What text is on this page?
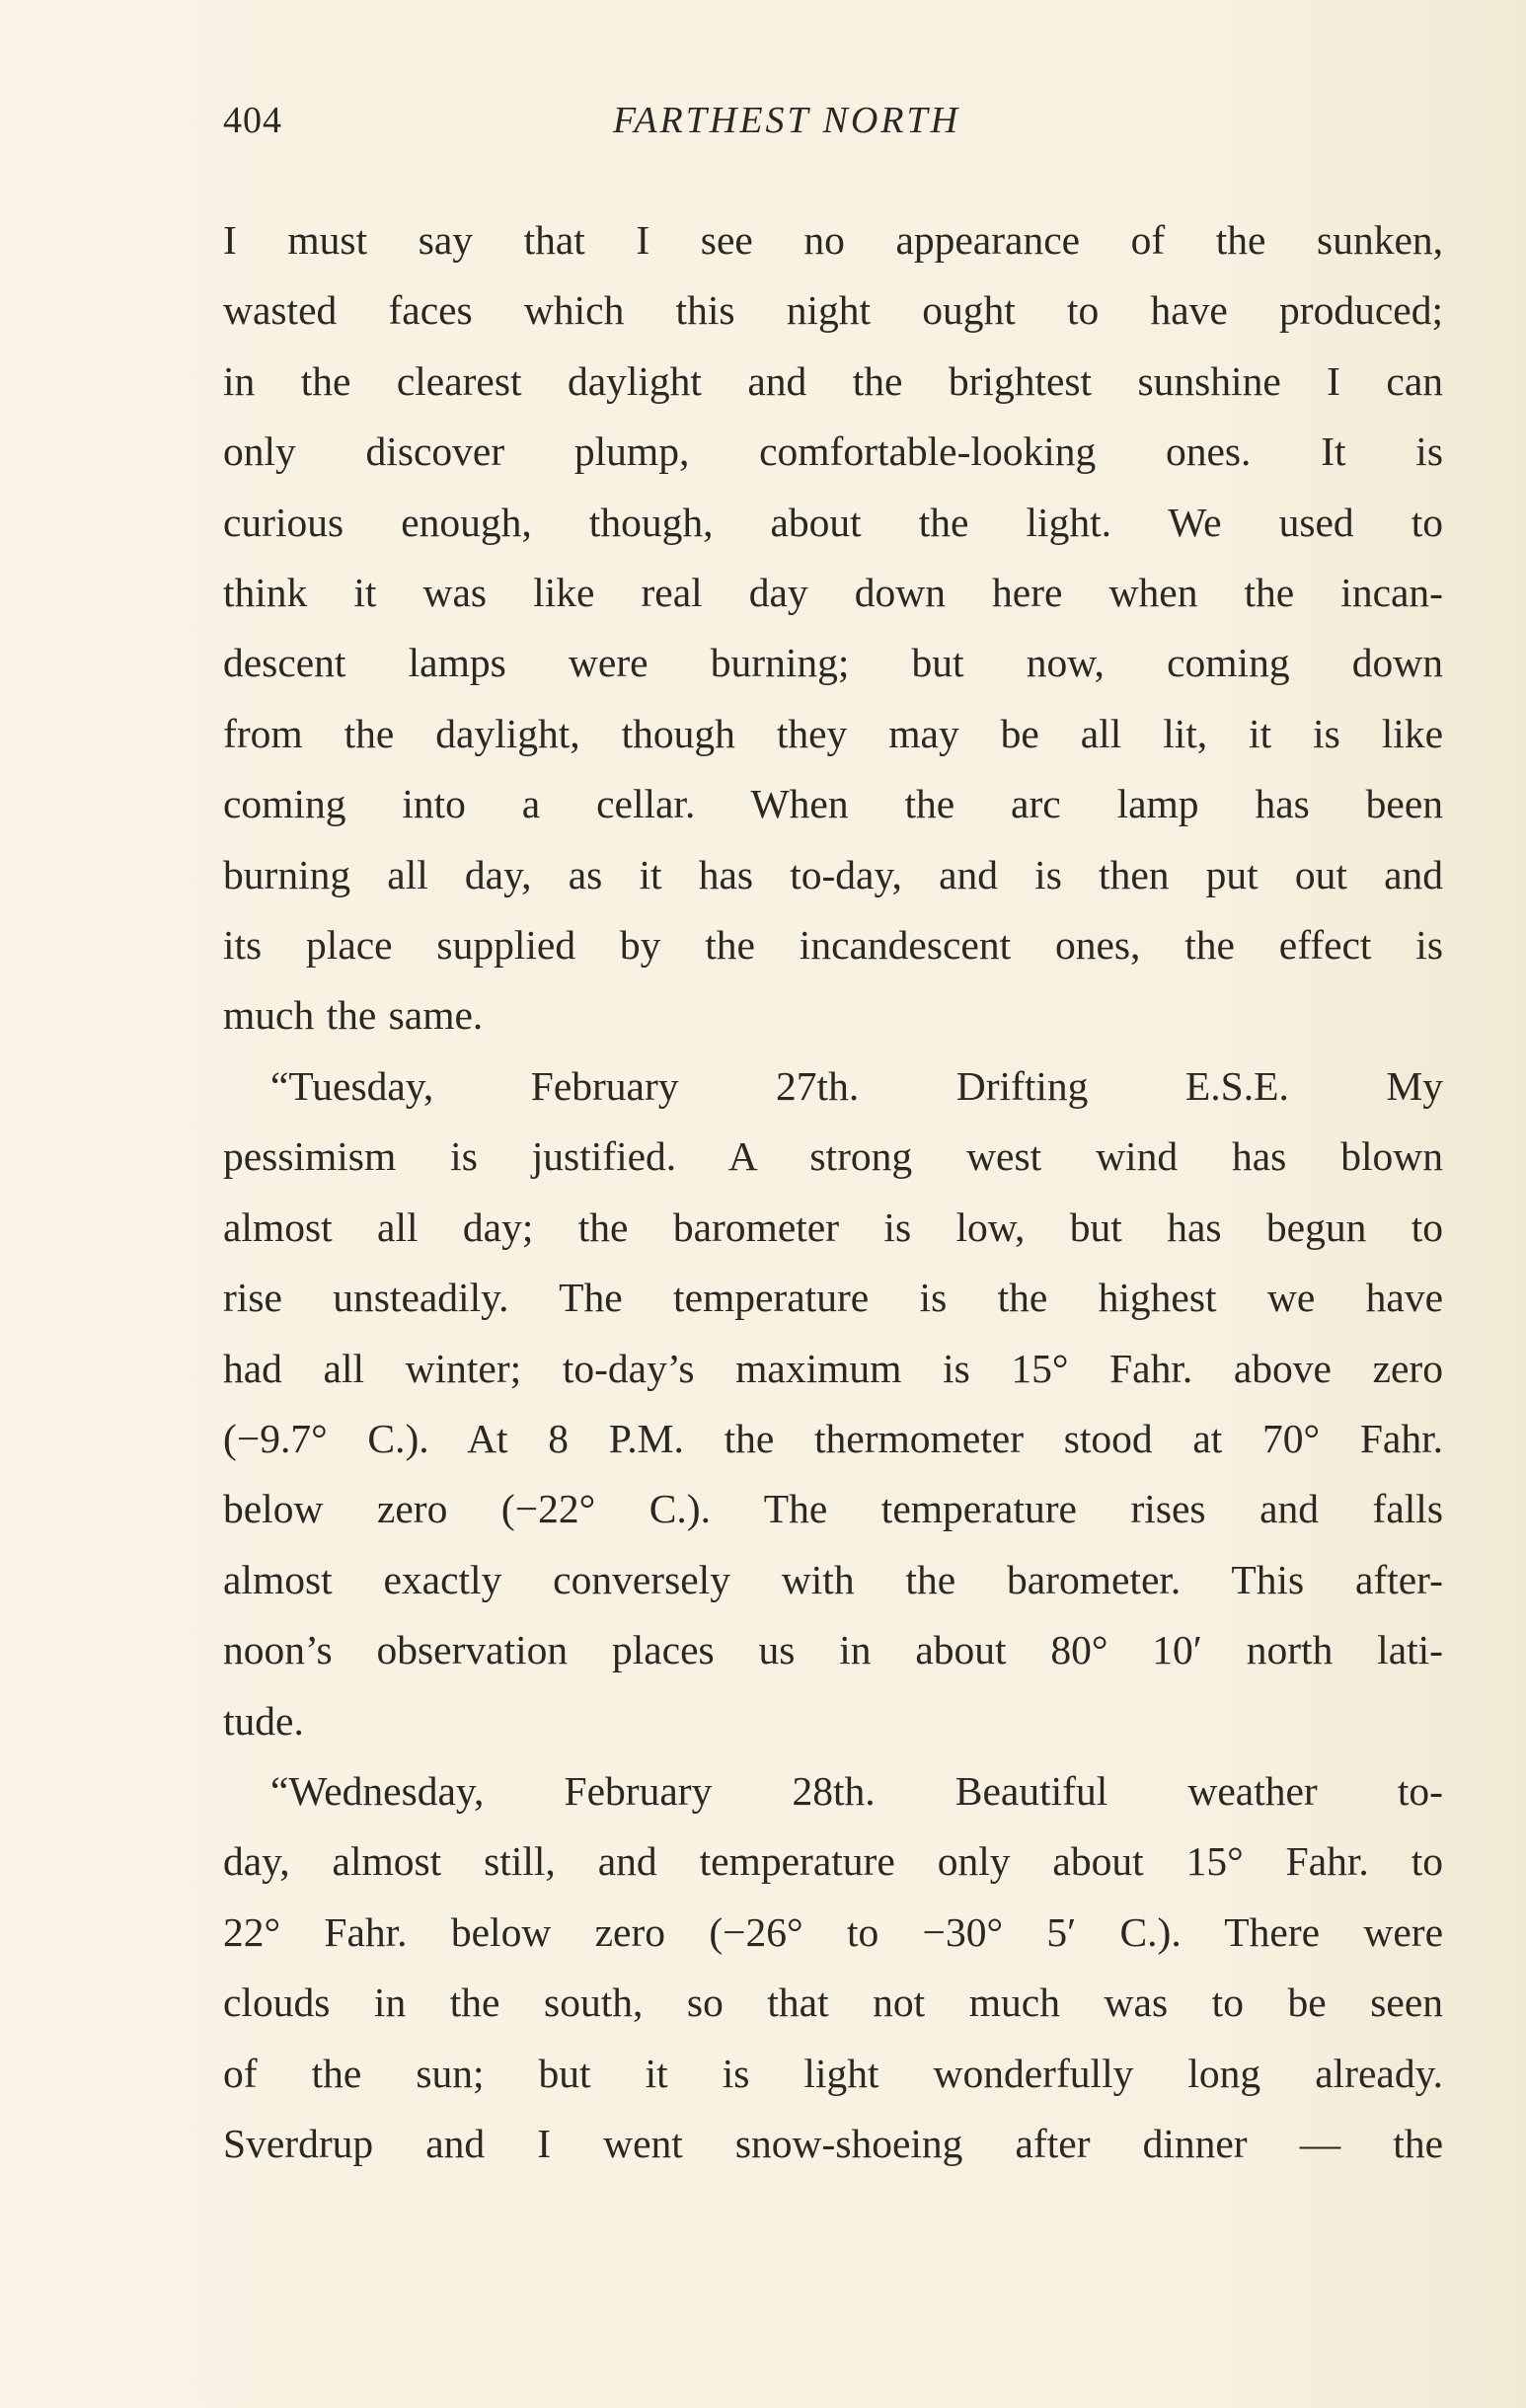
404	FARTHEST NORTH
I must say that I see no appearance of the sunken,
wasted faces which this night ought to have produced;
in the clearest daylight and the brightest sunshine I can
only discover plump, comfortable-looking ones. It is
curious enough, though, about the light. We used to
think it was like real day down here when the incan-
descent lamps were burning; but now, coming down
from the daylight, though they may be all lit, it is like
coming into a cellar. When the arc lamp has been
burning all day, as it has to-day, and is then put out and
its place supplied by the incandescent ones, the effect is
much the same.
“Tuesday, February 27th. Drifting E.S.E. My
pessimism is justified. A strong west wind has blown
almost all day; the barometer is low, but has begun to
rise unsteadily. The temperature is the highest we have
had all winter; to-day’s maximum is 15° Fahr. above zero
(−9.7° C.). At 8 P.M. the thermometer stood at 70° Fahr.
below zero (−22° C.). The temperature rises and falls
almost exactly conversely with the barometer. This after-
noon’s observation places us in about 80° 10′ north lati-
tude.
“Wednesday, February 28th. Beautiful weather to-
day, almost still, and temperature only about 15° Fahr. to
22° Fahr. below zero (−26° to −30° 5′ C.). There were
clouds in the south, so that not much was to be seen
of the sun; but it is light wonderfully long already.
Sverdrup and I went snow-shoeing after dinner — the
